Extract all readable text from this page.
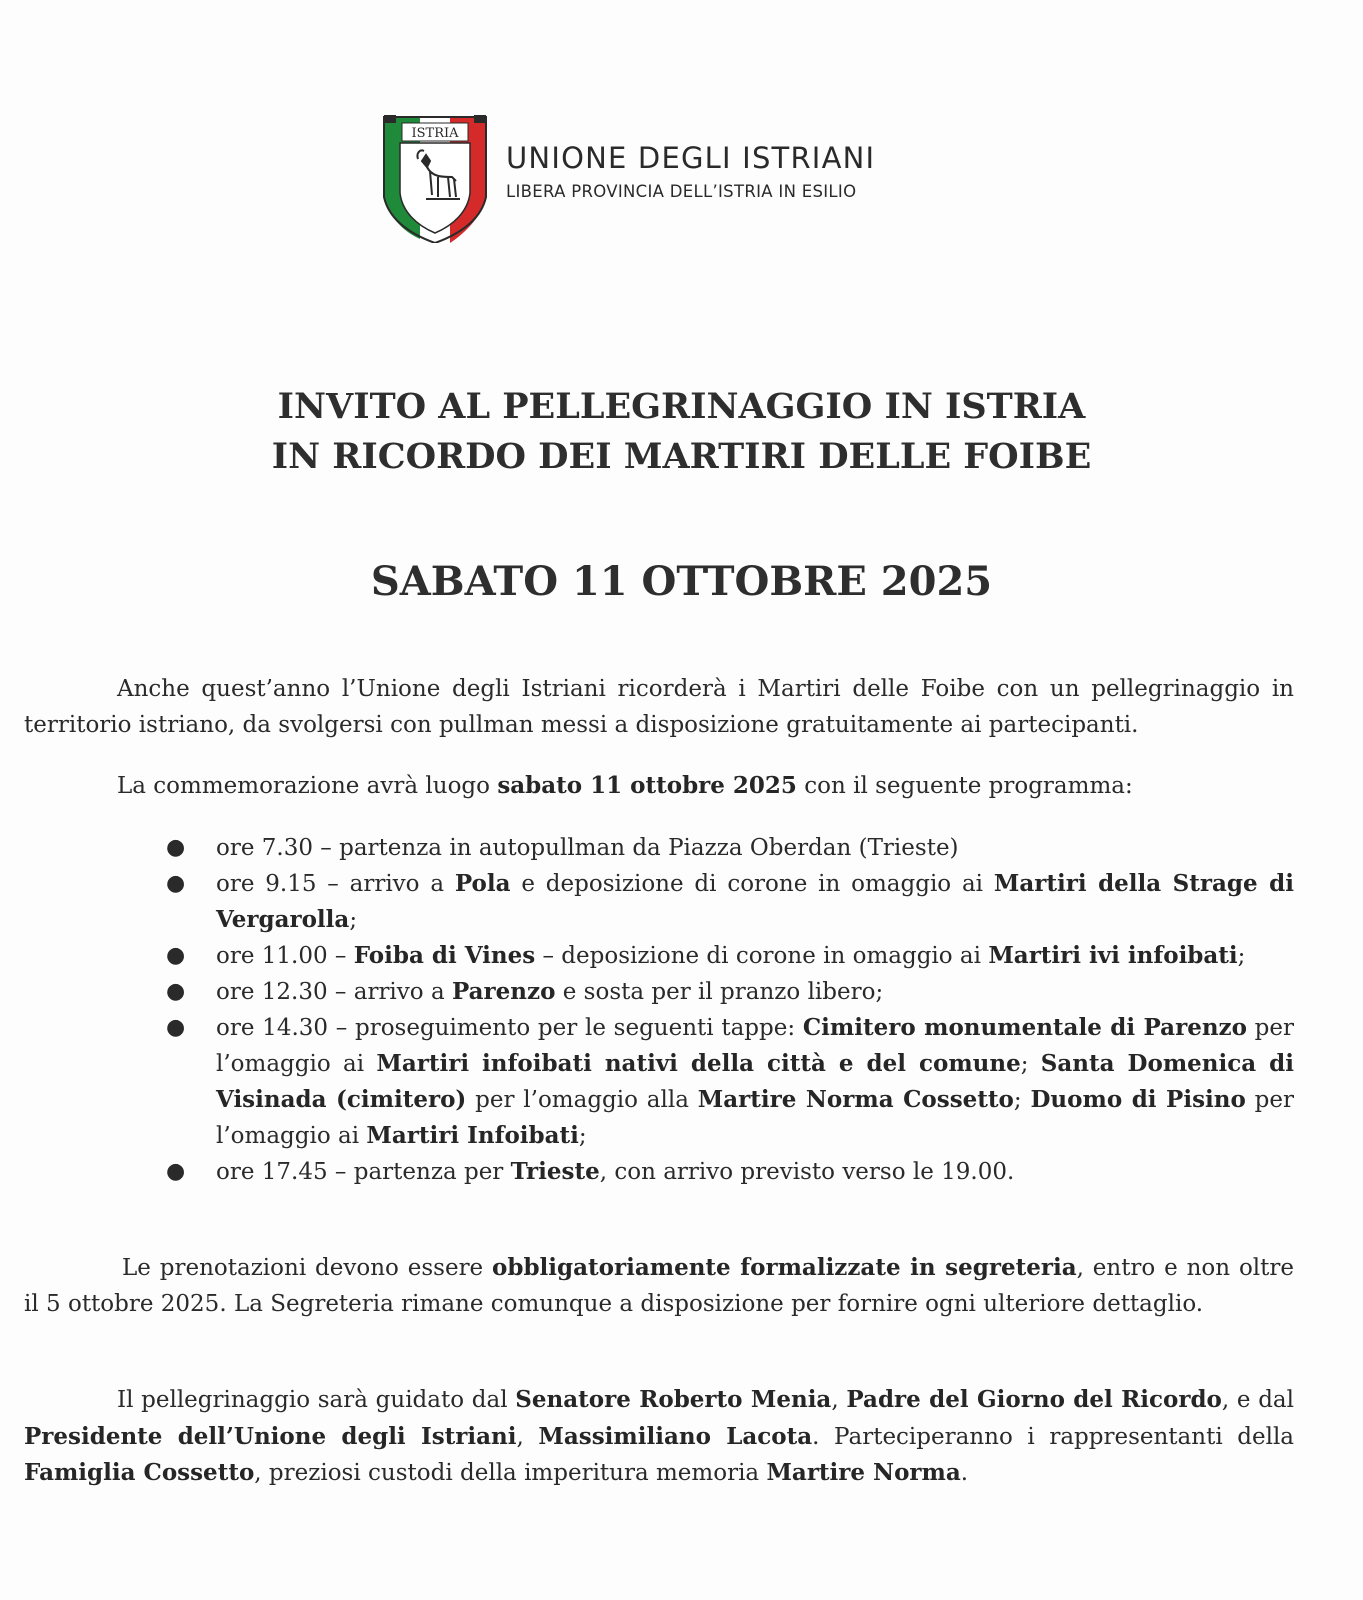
ISTRIA
UNIONE DEGLI ISTRIANI
LIBERA PROVINCIA DELL’ISTRIA IN ESILIO
INVITO AL PELLEGRINAGGIO IN ISTRIA
IN RICORDO DEI MARTIRI DELLE FOIBE
SABATO 11 OTTOBRE 2025
Anche quest’anno l’Unione degli Istriani ricorderà i Martiri delle Foibe con un pellegrinaggio in territorio istriano, da svolgersi con pullman messi a disposizione gratuitamente ai partecipanti.
La commemorazione avrà luogo sabato 11 ottobre 2025 con il seguente programma:
● ore 7.30 – partenza in autopullman da Piazza Oberdan (Trieste)
● ore 9.15 – arrivo a Pola e deposizione di corone in omaggio ai Martiri della Strage di Vergarolla;
● ore 11.00 – Foiba di Vines – deposizione di corone in omaggio ai Martiri ivi infoibati;
● ore 12.30 – arrivo a Parenzo e sosta per il pranzo libero;
● ore 14.30 – proseguimento per le seguenti tappe: Cimitero monumentale di Parenzo per l’omaggio ai Martiri infoibati nativi della città e del comune; Santa Domenica di Visinada (cimitero) per l’omaggio alla Martire Norma Cossetto; Duomo di Pisino per l’omaggio ai Martiri Infoibati;
● ore 17.45 – partenza per Trieste, con arrivo previsto verso le 19.00.
Le prenotazioni devono essere obbligatoriamente formalizzate in segreteria, entro e non oltre il 5 ottobre 2025. La Segreteria rimane comunque a disposizione per fornire ogni ulteriore dettaglio.
Il pellegrinaggio sarà guidato dal Senatore Roberto Menia, Padre del Giorno del Ricordo, e dal Presidente dell’Unione degli Istriani, Massimiliano Lacota. Parteciperanno i rappresentanti della Famiglia Cossetto, preziosi custodi della imperitura memoria Martire Norma.
